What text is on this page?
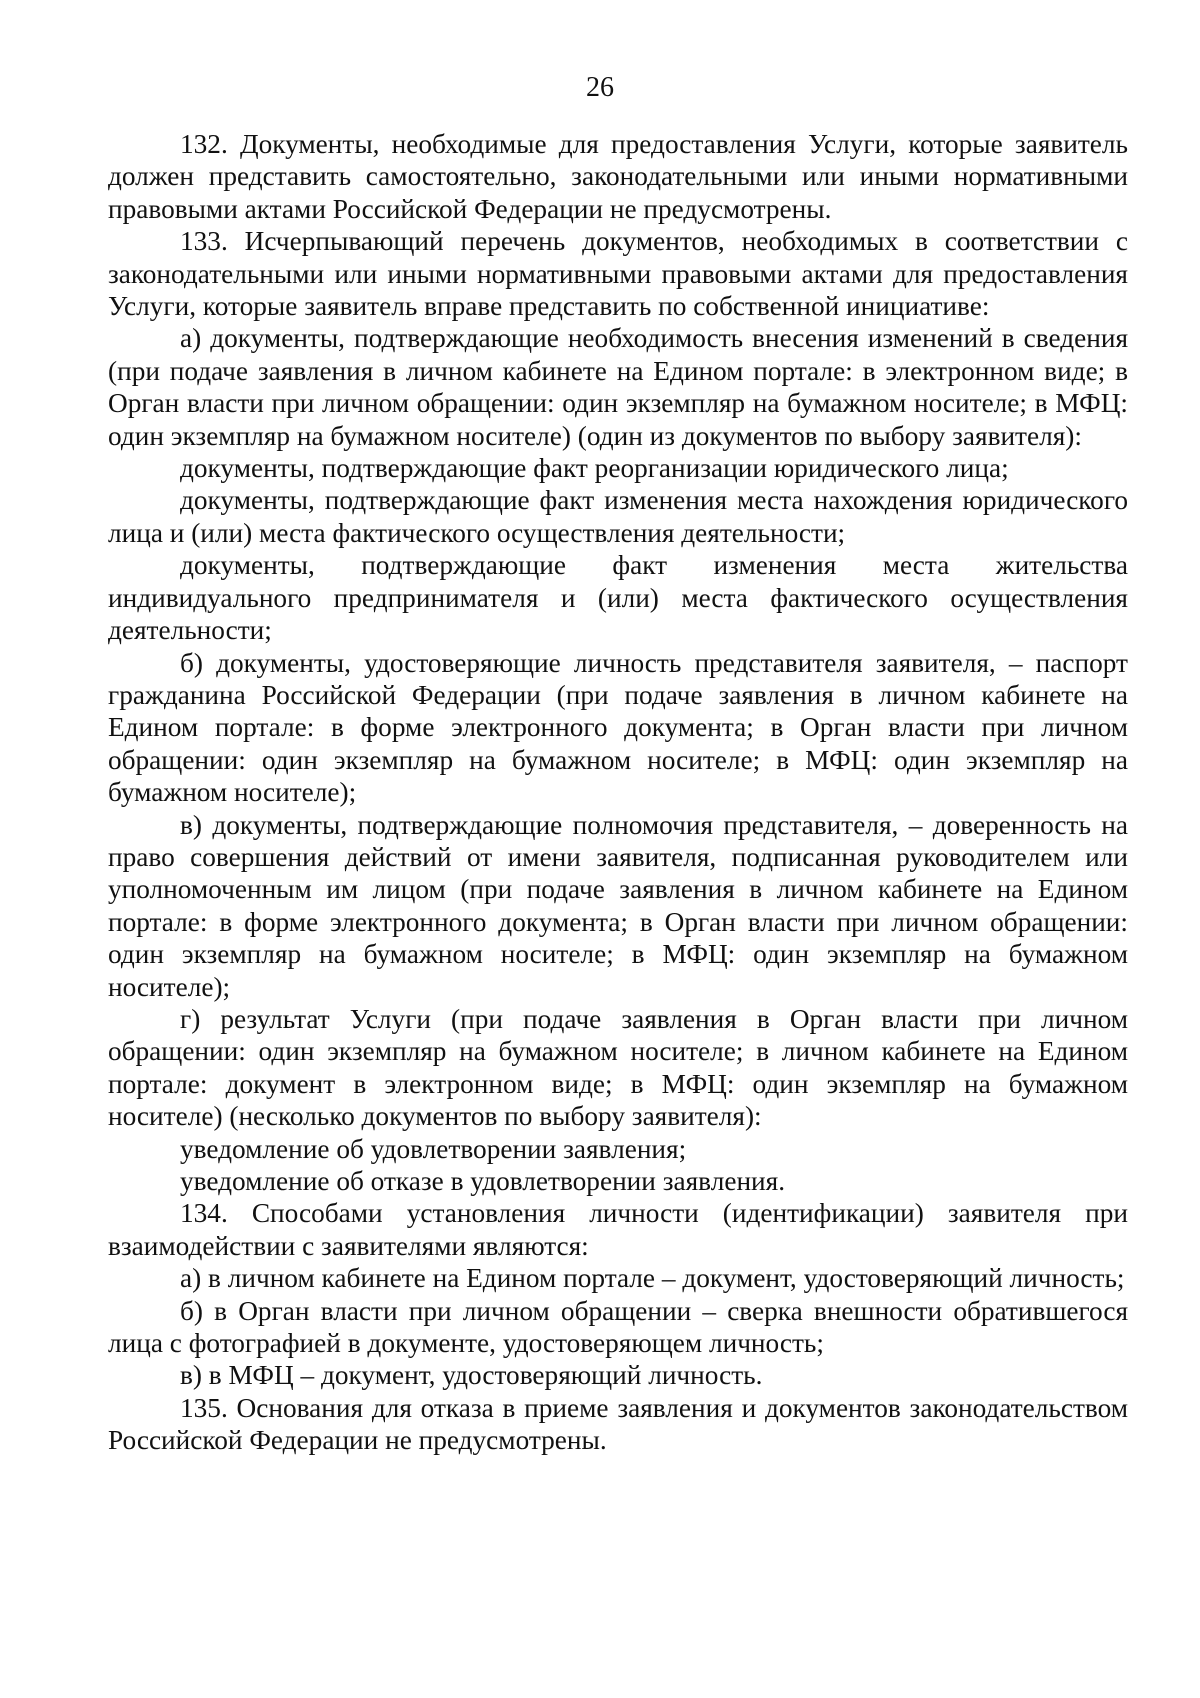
26

132. Документы, необходимые для предоставления Услуги, которые заявитель должен представить самостоятельно, законодательными или иными нормативными правовыми актами Российской Федерации не предусмотрены.

133. Исчерпывающий перечень документов, необходимых в соответствии с законодательными или иными нормативными правовыми актами для предоставления Услуги, которые заявитель вправе представить по собственной инициативе:

а) документы, подтверждающие необходимость внесения изменений в сведения (при подаче заявления в личном кабинете на Едином портале: в электронном виде; в Орган власти при личном обращении: один экземпляр на бумажном носителе; в МФЦ: один экземпляр на бумажном носителе) (один из документов по выбору заявителя):

документы, подтверждающие факт реорганизации юридического лица;

документы, подтверждающие факт изменения места нахождения юридического лица и (или) места фактического осуществления деятельности;

документы, подтверждающие факт изменения места жительства индивидуального предпринимателя и (или) места фактического осуществления деятельности;

б) документы, удостоверяющие личность представителя заявителя, – паспорт гражданина Российской Федерации (при подаче заявления в личном кабинете на Едином портале: в форме электронного документа; в Орган власти при личном обращении: один экземпляр на бумажном носителе; в МФЦ: один экземпляр на бумажном носителе);

в) документы, подтверждающие полномочия представителя, – доверенность на право совершения действий от имени заявителя, подписанная руководителем или уполномоченным им лицом (при подаче заявления в личном кабинете на Едином портале: в форме электронного документа; в Орган власти при личном обращении: один экземпляр на бумажном носителе; в МФЦ: один экземпляр на бумажном носителе);

г) результат Услуги (при подаче заявления в Орган власти при личном обращении: один экземпляр на бумажном носителе; в личном кабинете на Едином портале: документ в электронном виде; в МФЦ: один экземпляр на бумажном носителе) (несколько документов по выбору заявителя):

уведомление об удовлетворении заявления;

уведомление об отказе в удовлетворении заявления.

134. Способами установления личности (идентификации) заявителя при взаимодействии с заявителями являются:

а) в личном кабинете на Едином портале – документ, удостоверяющий личность;

б) в Орган власти при личном обращении – сверка внешности обратившегося лица с фотографией в документе, удостоверяющем личность;

в) в МФЦ – документ, удостоверяющий личность.

135. Основания для отказа в приеме заявления и документов законодательством Российской Федерации не предусмотрены.
